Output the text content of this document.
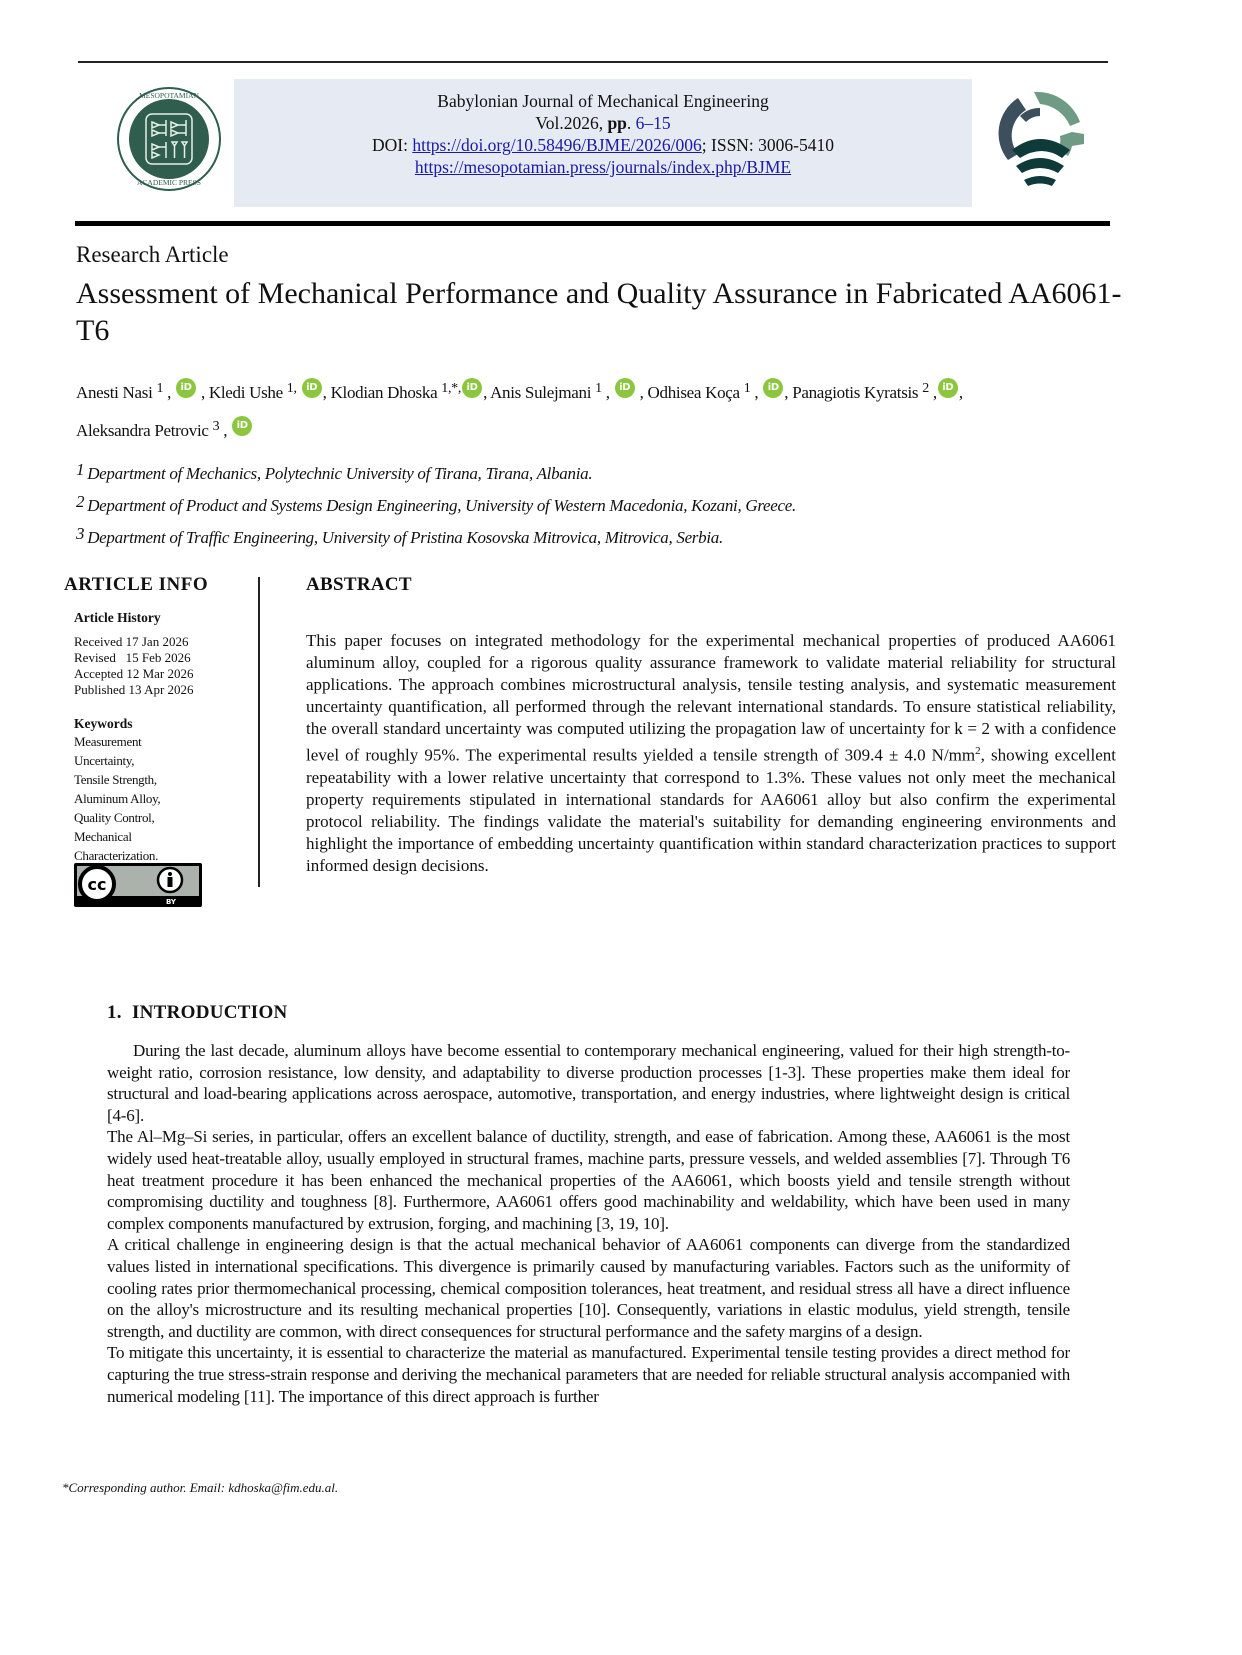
MESOPOTAMIAN
ACADEMIC PRESS
Babylonian Journal of Mechanical Engineering
Vol.2026, pp. 6–15
DOI: https://doi.org/10.58496/BJME/2026/006; ISSN: 3006-5410
https://mesopotamian.press/journals/index.php/BJME
Research Article
Assessment of Mechanical Performance and Quality Assurance in Fabricated AA6061-T6
Anesti Nasi $^1$ , iD , Kledi Ushe $^{1,}$ iD , Klodian Dhoska $^{1,*,}$ iD , Anis Sulejmani $^1$ , iD , Odhisea Koça $^1$ , iD , Panagiotis Kyratsis $^2$ , iD ,
Aleksandra Petrovic $^3$ , iD
$^1$ Department of Mechanics, Polytechnic University of Tirana, Tirana, Albania.
$^2$ Department of Product and Systems Design Engineering, University of Western Macedonia, Kozani, Greece.
$^3$ Department of Traffic Engineering, University of Pristina Kosovska Mitrovica, Mitrovica, Serbia.
ARTICLE INFO
Article History
Received 17 Jan 2026
Revised   15 Feb 2026
Accepted 12 Mar 2026
Published 13 Apr 2026
Keywords
Measurement
Uncertainty,
Tensile Strength,
Aluminum Alloy,
Quality Control,
Mechanical
Characterization.
cc
BY
ABSTRACT
This paper focuses on integrated methodology for the experimental mechanical properties of produced AA6061 aluminum alloy, coupled for a rigorous quality assurance framework to validate material reliability for structural applications. The approach combines microstructural analysis, tensile testing analysis, and systematic measurement uncertainty quantification, all performed through the relevant international standards. To ensure statistical reliability, the overall standard uncertainty was computed utilizing the propagation law of uncertainty for k = 2 with a confidence level of roughly 95%. The experimental results yielded a tensile strength of 309.4 ± 4.0 $N/mm^2$, showing excellent repeatability with a lower relative uncertainty that correspond to 1.3%. These values not only meet the mechanical property requirements stipulated in international standards for AA6061 alloy but also confirm the experimental protocol reliability. The findings validate the material's suitability for demanding engineering environments and highlight the importance of embedding uncertainty quantification within standard characterization practices to support informed design decisions.
1.  INTRODUCTION

During the last decade, aluminum alloys have become essential to contemporary mechanical engineering, valued for their high strength-to-weight ratio, corrosion resistance, low density, and adaptability to diverse production processes [1-3]. These properties make them ideal for structural and load-bearing applications across aerospace, automotive, transportation, and energy industries, where lightweight design is critical [4-6].

The Al–Mg–Si series, in particular, offers an excellent balance of ductility, strength, and ease of fabrication. Among these, AA6061 is the most widely used heat-treatable alloy, usually employed in structural frames, machine parts, pressure vessels, and welded assemblies [7]. Through T6 heat treatment procedure it has been enhanced the mechanical properties of the AA6061, which boosts yield and tensile strength without compromising ductility and toughness [8]. Furthermore, AA6061 offers good machinability and weldability, which have been used in many complex components manufactured by extrusion, forging, and machining [3, 19, 10].

A critical challenge in engineering design is that the actual mechanical behavior of AA6061 components can diverge from the standardized values listed in international specifications. This divergence is primarily caused by manufacturing variables. Factors such as the uniformity of cooling rates prior thermomechanical processing, chemical composition tolerances, heat treatment, and residual stress all have a direct influence on the alloy's microstructure and its resulting mechanical properties [10]. Consequently, variations in elastic modulus, yield strength, tensile strength, and ductility are common, with direct consequences for structural performance and the safety margins of a design.

To mitigate this uncertainty, it is essential to characterize the material as manufactured. Experimental tensile testing provides a direct method for capturing the true stress-strain response and deriving the mechanical parameters that are needed for reliable structural analysis accompanied with numerical modeling [11]. The importance of this direct approach is further

*Corresponding author. Email: kdhoska@fim.edu.al.
